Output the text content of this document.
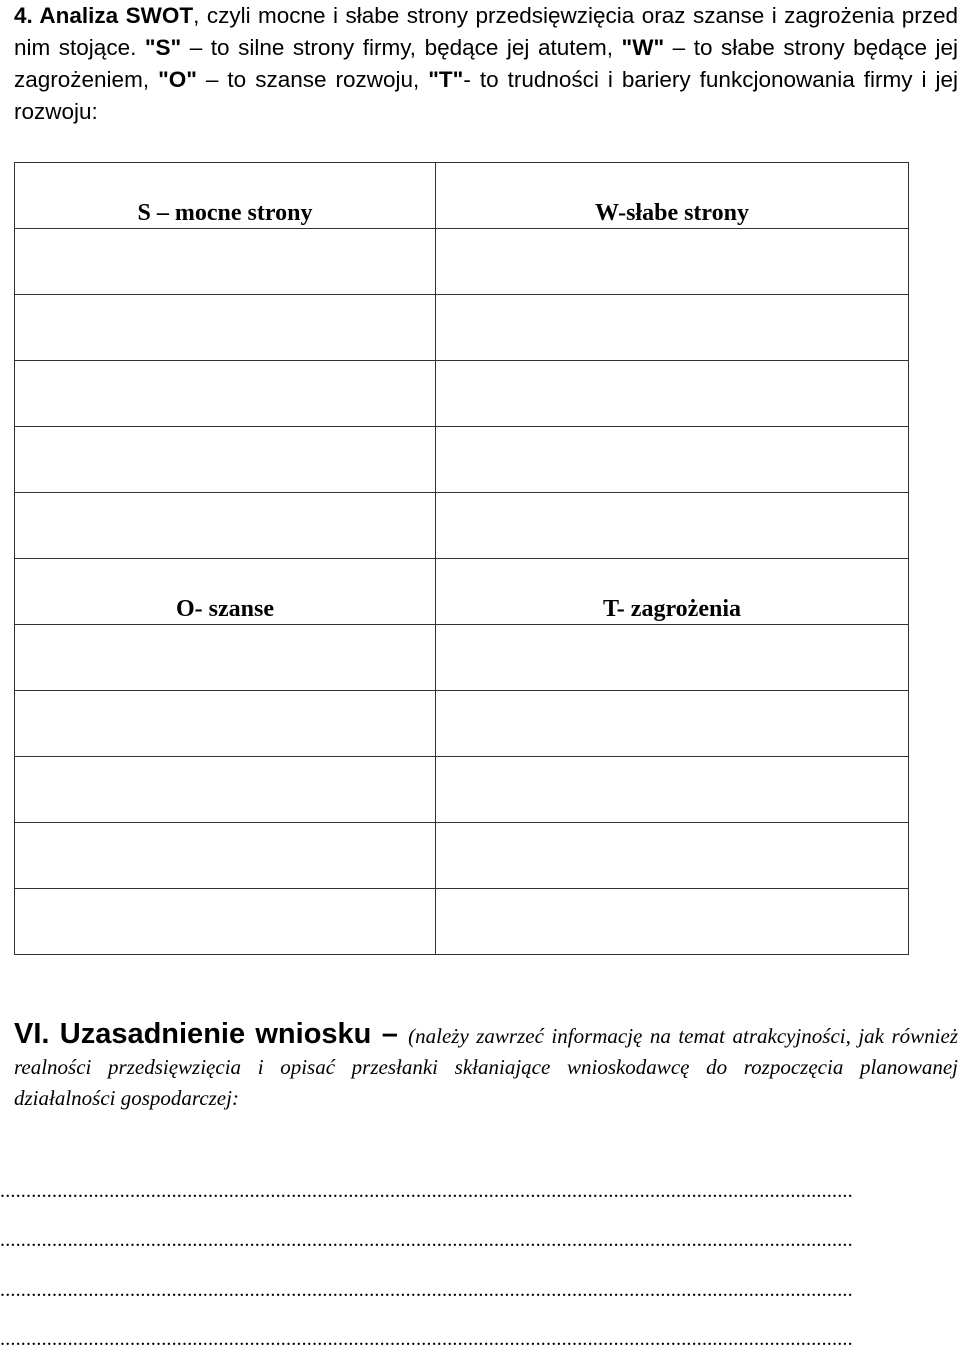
4. Analiza SWOT, czyli mocne i słabe strony przedsięwzięcia oraz szanse i zagrożenia przed nim stojące. "S" – to silne strony firmy, będące jej atutem, "W" – to słabe strony będące jej zagrożeniem, "O" – to szanse rozwoju, "T"- to trudności i bariery funkcjonowania firmy i jej rozwoju:
S – mocne strony	W-słabe strony

O- szanse	T- zagrożenia

VI. Uzasadnienie wniosku – (należy zawrzeć informację na temat atrakcyjności, jak również realności przedsięwzięcia i opisać przesłanki skłaniające wnioskodawcę do rozpoczęcia planowanej działalności gospodarczej:
....................................................................................................................................................................
....................................................................................................................................................................
....................................................................................................................................................................
....................................................................................................................................................................
